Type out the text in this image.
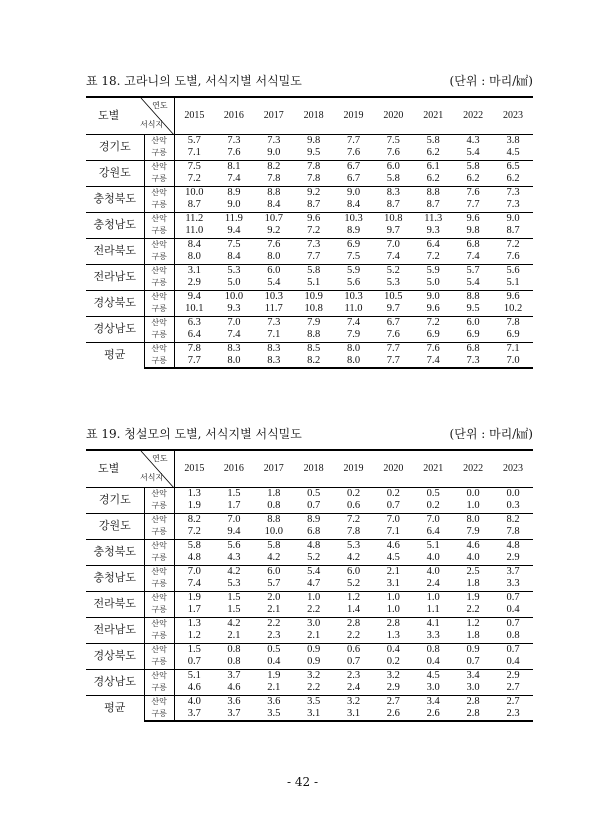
표 18. 고라니의 도별, 서식지별 서식밀도	(단위 : 마리/㎢)
도별
연도
서식지		2015	2016	2017	2018	2019	2020	2021	2022	2023
경기도	산악	5.7	7.3	7.3	9.8	7.7	7.5	5.8	4.3	3.8
	구릉	7.1	7.6	9.0	9.5	7.6	7.6	6.2	5.4	4.5
강원도	산악	7.5	8.1	8.2	7.8	6.7	6.0	6.1	5.8	6.5
	구릉	7.2	7.4	7.8	7.8	6.7	5.8	6.2	6.2	6.2
충청북도	산악	10.0	8.9	8.8	9.2	9.0	8.3	8.8	7.6	7.3
	구릉	8.7	9.0	8.4	8.7	8.4	8.7	8.7	7.7	7.3
충청남도	산악	11.2	11.9	10.7	9.6	10.3	10.8	11.3	9.6	9.0
	구릉	11.0	9.4	9.2	7.2	8.9	9.7	9.3	9.8	8.7
전라북도	산악	8.4	7.5	7.6	7.3	6.9	7.0	6.4	6.8	7.2
	구릉	8.0	8.4	8.0	7.7	7.5	7.4	7.2	7.4	7.6
전라남도	산악	3.1	5.3	6.0	5.8	5.9	5.2	5.9	5.7	5.6
	구릉	2.9	5.0	5.4	5.1	5.6	5.3	5.0	5.4	5.1
경상북도	산악	9.4	10.0	10.3	10.9	10.3	10.5	9.0	8.8	9.6
	구릉	10.1	9.3	11.7	10.8	11.0	9.7	9.6	9.5	10.2
경상남도	산악	6.3	7.0	7.3	7.9	7.4	6.7	7.2	6.0	7.8
	구릉	6.4	7.4	7.1	8.8	7.9	7.6	6.9	6.9	6.9
평균	산악	7.8	8.3	8.3	8.5	8.0	7.7	7.6	6.8	7.1
	구릉	7.7	8.0	8.3	8.2	8.0	7.7	7.4	7.3	7.0
표 19. 청설모의 도별, 서식지별 서식밀도	(단위 : 마리/㎢)
도별
연도
서식지		2015	2016	2017	2018	2019	2020	2021	2022	2023
경기도	산악	1.3	1.5	1.8	0.5	0.2	0.2	0.5	0.0	0.0
	구릉	1.9	1.7	0.8	0.7	0.6	0.7	0.2	1.0	0.3
강원도	산악	8.2	7.0	8.8	8.9	7.2	7.0	7.0	8.0	8.2
	구릉	7.2	9.4	10.0	6.8	7.8	7.1	6.4	7.9	7.8
충청북도	산악	5.8	5.6	5.8	4.8	5.3	4.6	5.1	4.6	4.8
	구릉	4.8	4.3	4.2	5.2	4.2	4.5	4.0	4.0	2.9
충청남도	산악	7.0	4.2	6.0	5.4	6.0	2.1	4.0	2.5	3.7
	구릉	7.4	5.3	5.7	4.7	5.2	3.1	2.4	1.8	3.3
전라북도	산악	1.9	1.5	2.0	1.0	1.2	1.0	1.0	1.9	0.7
	구릉	1.7	1.5	2.1	2.2	1.4	1.0	1.1	2.2	0.4
전라남도	산악	1.3	4.2	2.2	3.0	2.8	2.8	4.1	1.2	0.7
	구릉	1.2	2.1	2.3	2.1	2.2	1.3	3.3	1.8	0.8
경상북도	산악	1.5	0.8	0.5	0.9	0.6	0.4	0.8	0.9	0.7
	구릉	0.7	0.8	0.4	0.9	0.7	0.2	0.4	0.7	0.4
경상남도	산악	5.1	3.7	1.9	3.2	2.3	3.2	4.5	3.4	2.9
	구릉	4.6	4.6	2.1	2.2	2.4	2.9	3.0	3.0	2.7
평균	산악	4.0	3.6	3.6	3.5	3.2	2.7	3.4	2.8	2.7
	구릉	3.7	3.7	3.5	3.1	3.1	2.6	2.6	2.8	2.3
- 42 -
